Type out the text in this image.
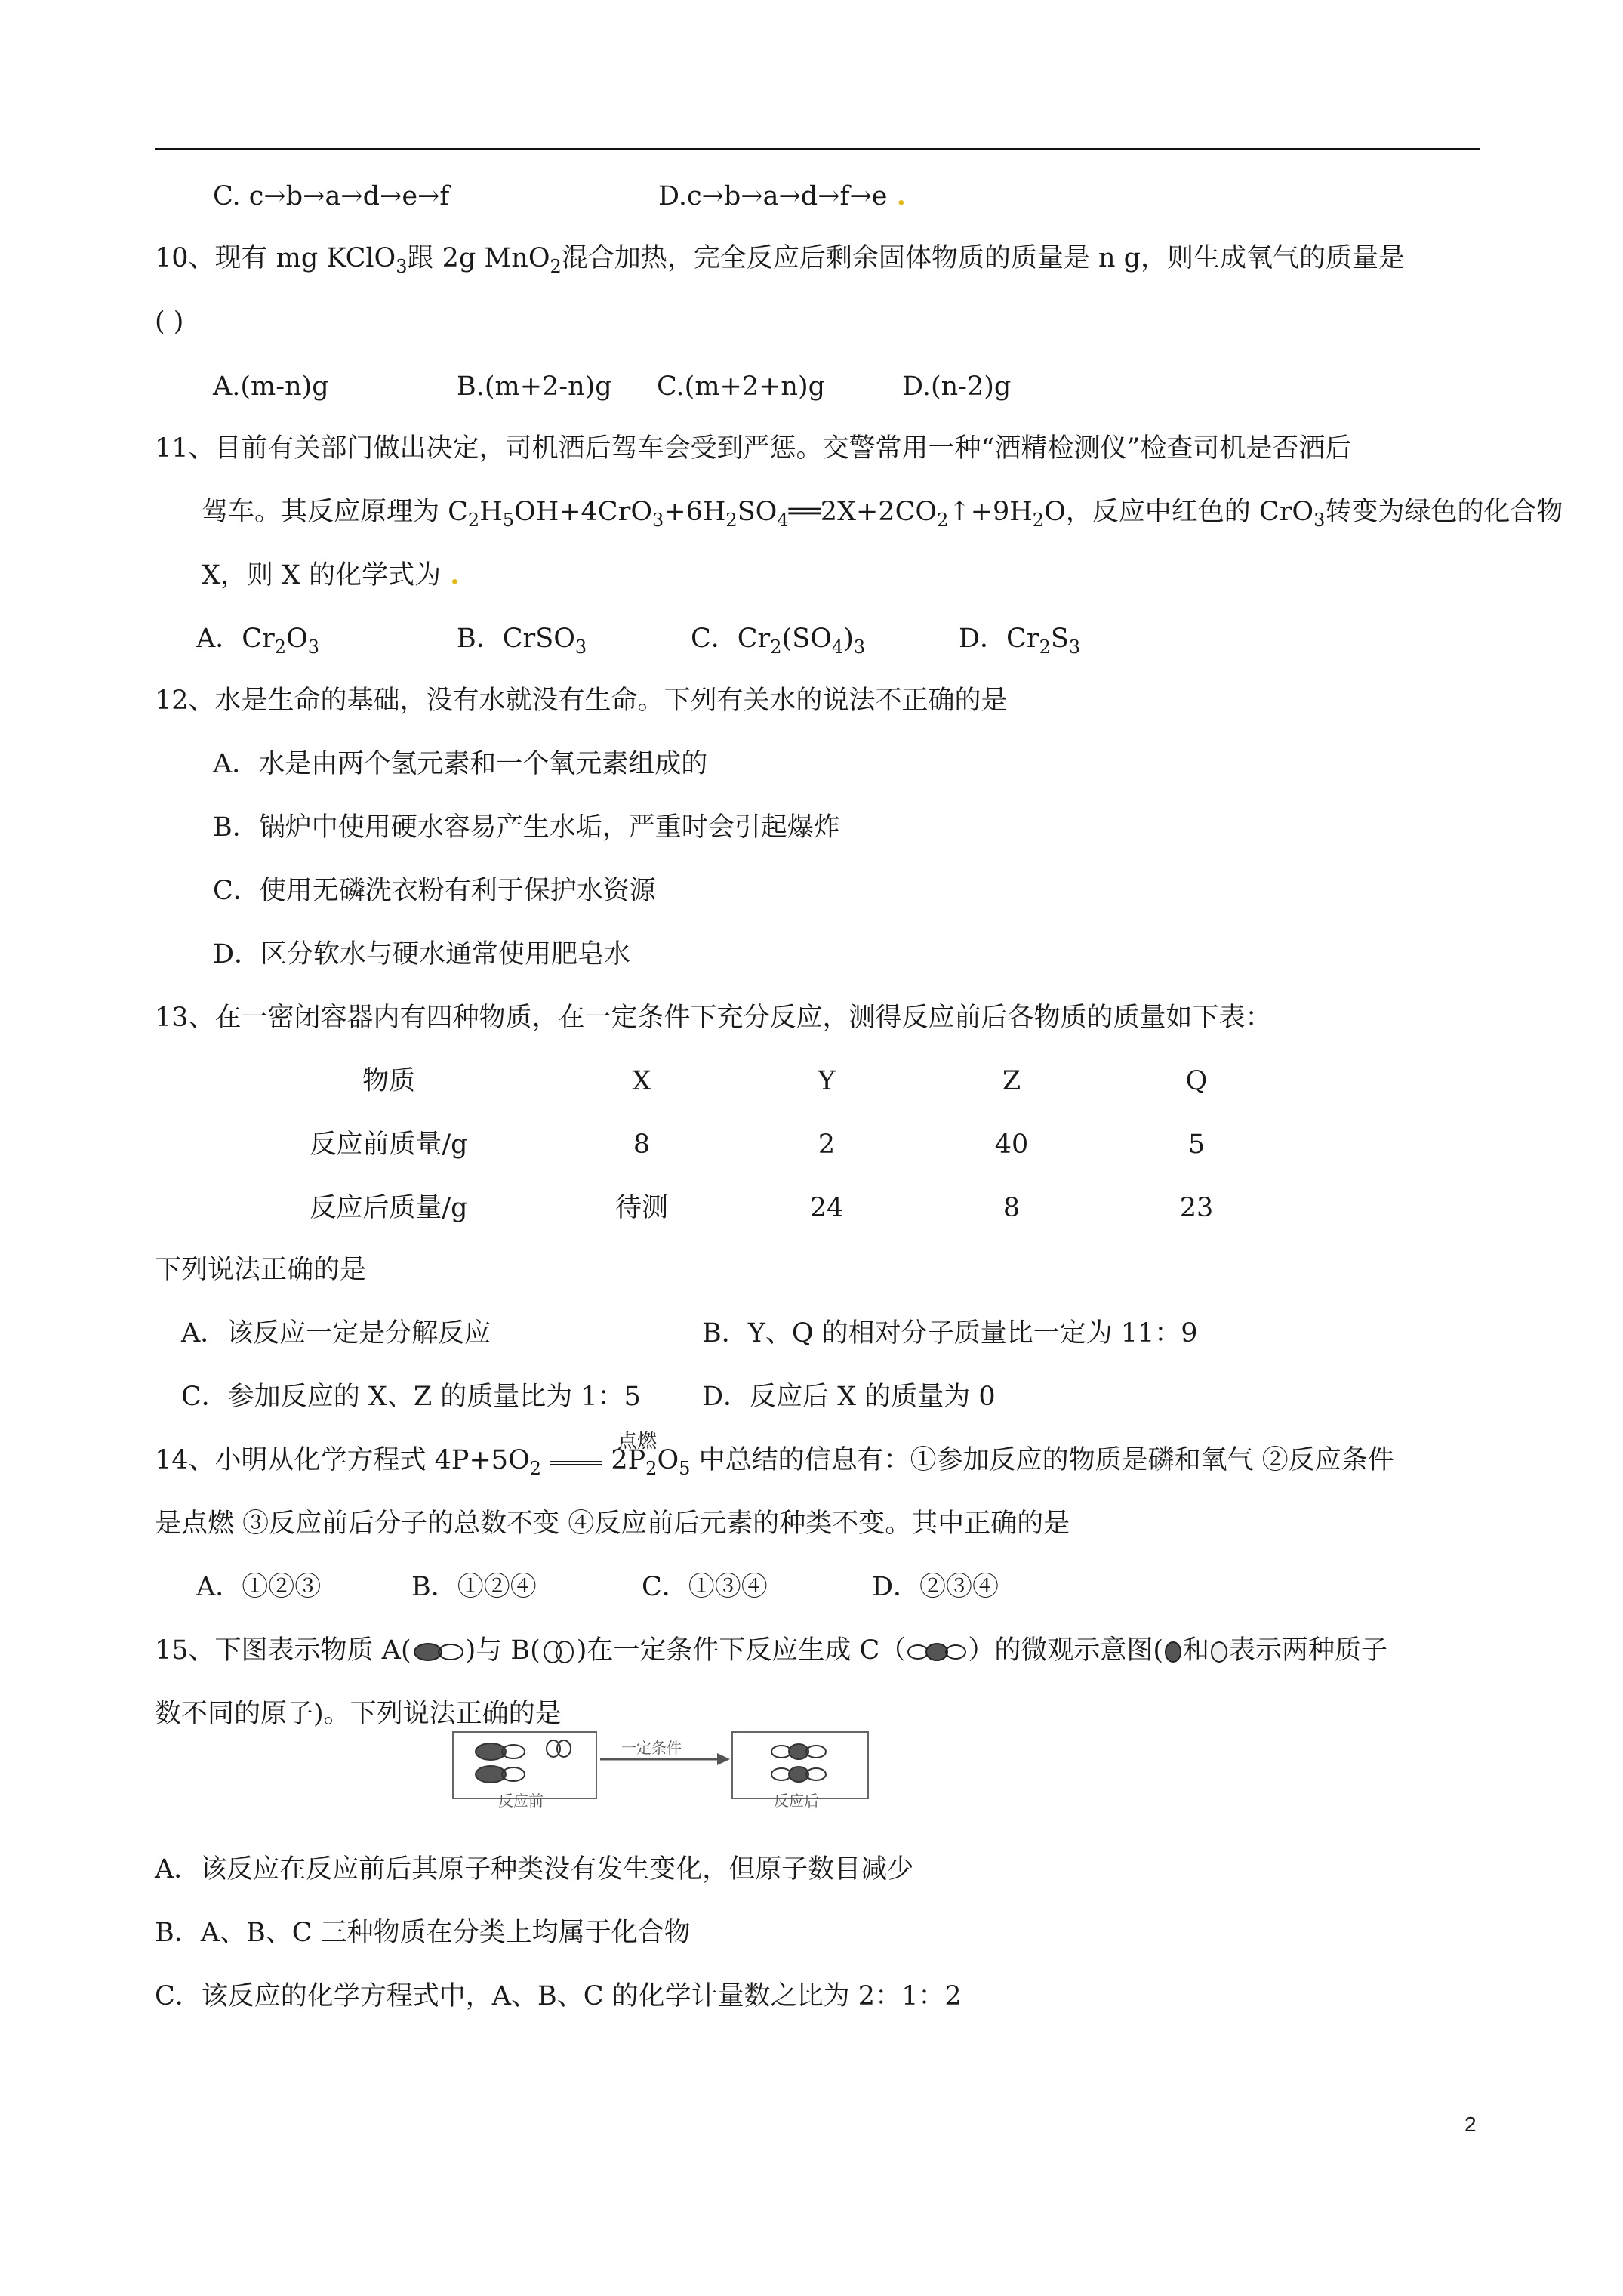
C. c→b→a→d→e→f	D.c→b→a→d→f→e .
10、现有 mg KClO$_3$跟 2g MnO$_2$混合加热，完全反应后剩余固体物质的质量是 n g，则生成氧气的质量是
( )
A.(m-n)g	B.(m+2-n)g C.(m+2+n)g	D.(n-2)g
11、目前有关部门做出决定，司机酒后驾车会受到严惩。交警常用一种“酒精检测仪”检查司机是否酒后
驾车。其反应原理为 $C_2H_5OH+4CrO_3+6H_2SO_4══2X+2CO_2↑+9H_2O$，反应中红色的 CrO$_3$转变为绿色的化合物
X，则 X 的化学式为 .
A．$Cr_2O_3$	B．CrSO$_3$	C．$Cr_2(SO_4)_3$	D．$Cr_2S_3$
12、水是生命的基础，没有水就没有生命。下列有关水的说法不正确的是
A．水是由两个氢元素和一个氧元素组成的
B．锅炉中使用硬水容易产生水垢，严重时会引起爆炸
C．使用无磷洗衣粉有利于保护水资源
D．区分软水与硬水通常使用肥皂水
13、在一密闭容器内有四种物质，在一定条件下充分反应，测得反应前后各物质的质量如下表：
物质	X	Y	Z	Q
反应前质量/g	8	2	40	5
反应后质量/g	待测	24	8	23
下列说法正确的是
A．该反应一定是分解反应	B．Y、Q 的相对分子质量比一定为 11：9
C．参加反应的 X、Z 的质量比为 1：5 D．反应后 X 的质量为 0
点燃
14、小明从化学方程式 $4P+5O_2$	$2P_2O_5$ 中总结的信息有：①参加反应的物质是磷和氧气 ②反应条件
是点燃 ③反应前后分子的总数不变 ④反应前后元素的种类不变。其中正确的是
A．①②③	B．①②④	C．①③④	D．②③④
15、下图表示物质 A( )与 B( )在一定条件下反应生成 C（ ）的微观示意图( 和 表示两种质子
数不同的原子)。下列说法正确的是
反应前
一定条件
反应后
A．该反应在反应前后其原子种类没有发生变化，但原子数目减少
B．A、B、C 三种物质在分类上均属于化合物
C．该反应的化学方程式中，A、B、C 的化学计量数之比为 2：1：2
2
